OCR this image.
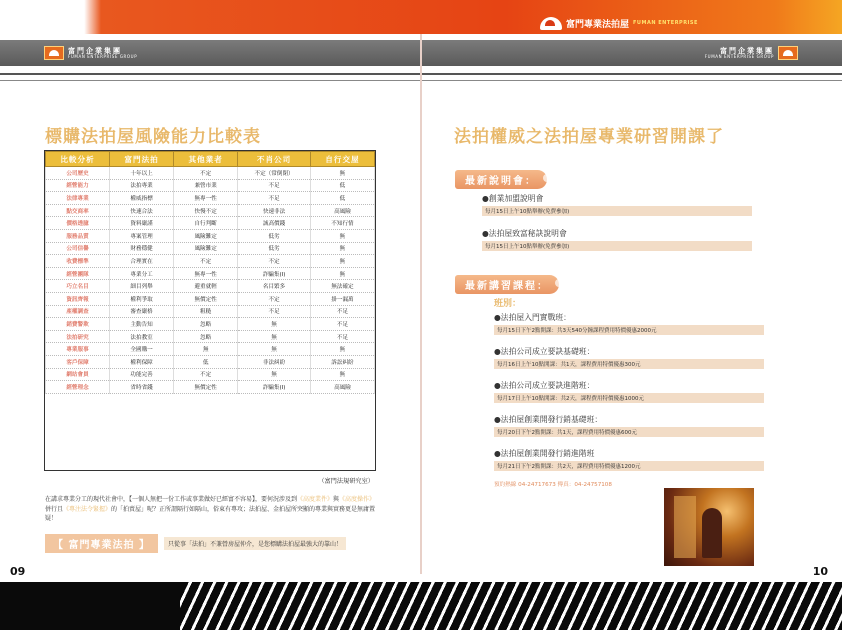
富門專業法拍屋 FUMAN ENTERPRISE
富門企業集團
FUMAN ENTERPRISE GROUP
富門企業集團
FUMAN ENTERPRISE GROUP
標購法拍屋風險能力比較表
比較分析	富門法拍	其他業者	不肖公司	自行交屋
公司歷史	十年以上	不定	不定（常倒閉）	無
經營能力	法拍專業	兼營市業	不足	低
法律專業	權威指標	無專一性	不足	低
點交商率	快速合法	快慢不定	快速非法	高風險
價格透臆	資料嚴謹	自行判斷	誠高價錢	不知行情
服務品質	專案管理	風險難定	低劣	無
公司信譽	財務穩健	風險難定	低劣	無
收費標準	合理實在	不定	不定	無
經營團隊	專業分工	無專一性	詐騙集(I)	無
巧立名目	細目列舉	避重就輕	名目繁多	無法確定
資訊齊報	權利爭取	無價定性	不定	掛一漏萬
產權調查	審查嚴格	粗糙	不足	不足
銷費警欺	主動告知	忽略	無	不足
法拍研究	法拍教室	忽略	無	不足
專業服事	全國購一	無	無	無
客戶保障	權利保障	低	非法糾紛	訴訟糾紛
網站會員	功能完善	不定	無	無
經營理念	省時省錢	無價定性	詐騙集(I)	高風險
（富門法規研究室）
在講求專業分工的現代社會中，【一個人無把一份工作或事業做好已經富不容易】，要何況涉及到《高度業件》與《高度操作》併行且《專注法令緊握》的「拍賣屋」呢？正所謂隔行如隔山，俗東有專攻；法拍屋、金拍屋所突顯的專業與實務更是無庸置疑！
【 富門專業法拍 】	只從事「法拍」不兼營房屋仲介，是您標購法拍屋最強大的靠山！
09
法拍權威之法拍屋專業研習開課了
最新說明會：
●創業加盟說明會
每月15日上午10點舉辦(免費參加)
●法拍屋致富秘訣說明會
每月15日上午10點舉辦(免費參加)
最新講習課程：
班別：
●法拍屋入門實戰班：
每月15日下午2點開課：共3天540分鐘課程費用特價優惠2000元
●法拍公司成立要訣基礎班：
每月16日上午10點開課：共1天，課程費用特價優惠300元
●法拍公司成立要訣進階班：
每月17日上午10點開課：共2天，課程費用特價優惠1000元
●法拍屋創業開發行銷基礎班：
每月20日下午2點開課：共1天，課程費用特價優惠600元
●法拍屋創業開發行銷進階班
每月21日下午2點開課：共2天，課程費用特價優惠1200元
預約熱線 04-24717673 傳真：04-24757108
10
